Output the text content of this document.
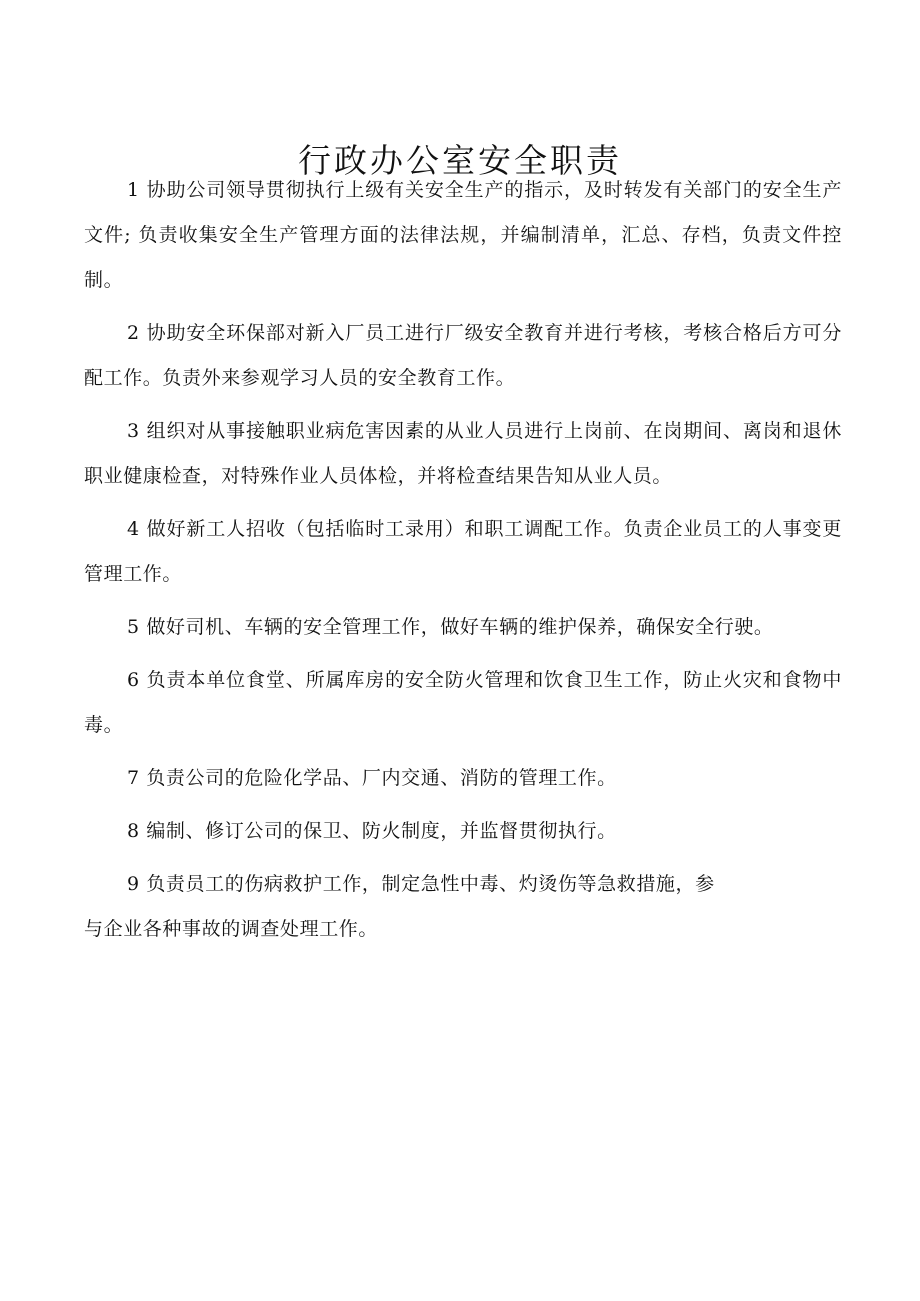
行政办公室安全职责

1 协助公司领导贯彻执行上级有关安全生产的指示，及时转发有关部门的安全生产文件; 负责收集安全生产管理方面的法律法规，并编制清单，汇总、存档，负责文件控制。

2 协助安全环保部对新入厂员工进行厂级安全教育并进行考核，考核合格后方可分配工作。负责外来参观学习人员的安全教育工作。

3 组织对从事接触职业病危害因素的从业人员进行上岗前、在岗期间、离岗和退休职业健康检查，对特殊作业人员体检，并将检查结果告知从业人员。

4 做好新工人招收（包括临时工录用）和职工调配工作。负责企业员工的人事变更管理工作。

5 做好司机、车辆的安全管理工作，做好车辆的维护保养，确保安全行驶。

6 负责本单位食堂、所属库房的安全防火管理和饮食卫生工作，防止火灾和食物中毒。

7 负责公司的危险化学品、厂内交通、消防的管理工作。

8 编制、修订公司的保卫、防火制度，并监督贯彻执行。

9 负责员工的伤病救护工作，制定急性中毒、灼烫伤等急救措施，参
与企业各种事故的调查处理工作。
